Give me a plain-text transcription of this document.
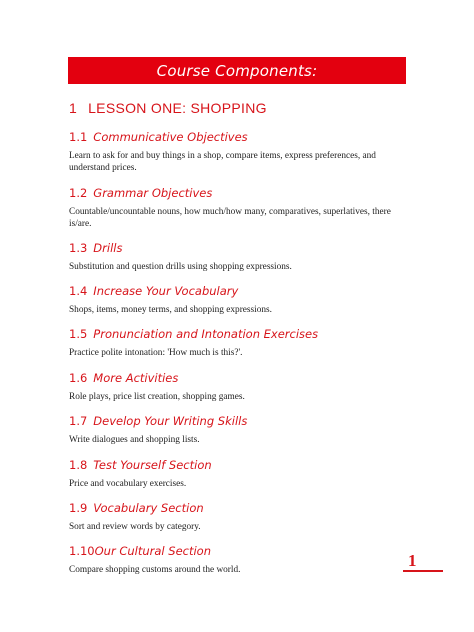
Course Components:
1 LESSON ONE: SHOPPING
1.1 Communicative Objectives
Learn to ask for and buy things in a shop, compare items, express preferences, and understand prices.
1.2 Grammar Objectives
Countable/uncountable nouns, how much/how many, comparatives, superlatives, there is/are.
1.3 Drills
Substitution and question drills using shopping expressions.
1.4 Increase Your Vocabulary
Shops, items, money terms, and shopping expressions.
1.5 Pronunciation and Intonation Exercises
Practice polite intonation: 'How much is this?'.
1.6 More Activities
Role plays, price list creation, shopping games.
1.7 Develop Your Writing Skills
Write dialogues and shopping lists.
1.8 Test Yourself Section
Price and vocabulary exercises.
1.9 Vocabulary Section
Sort and review words by category.
1.10Our Cultural Section
Compare shopping customs around the world.
1
